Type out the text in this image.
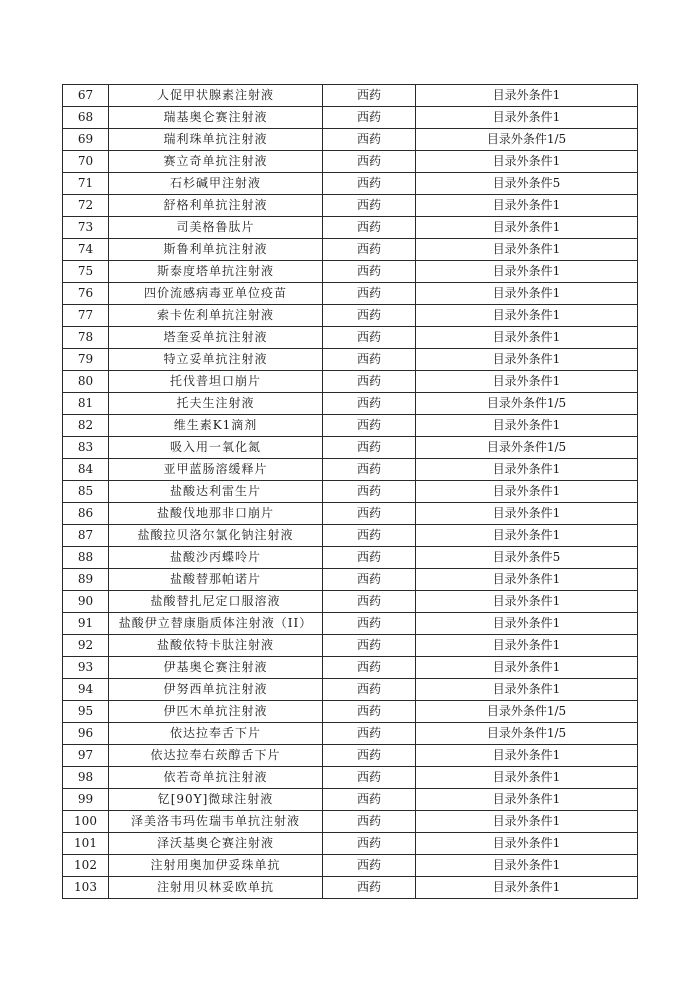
67	人促甲状腺素注射液	西药	目录外条件1
68	瑞基奥仑赛注射液	西药	目录外条件1
69	瑞利珠单抗注射液	西药	目录外条件1/5
70	赛立奇单抗注射液	西药	目录外条件1
71	石杉碱甲注射液	西药	目录外条件5
72	舒格利单抗注射液	西药	目录外条件1
73	司美格鲁肽片	西药	目录外条件1
74	斯鲁利单抗注射液	西药	目录外条件1
75	斯泰度塔单抗注射液	西药	目录外条件1
76	四价流感病毒亚单位疫苗	西药	目录外条件1
77	索卡佐利单抗注射液	西药	目录外条件1
78	塔奎妥单抗注射液	西药	目录外条件1
79	特立妥单抗注射液	西药	目录外条件1
80	托伐普坦口崩片	西药	目录外条件1
81	托夫生注射液	西药	目录外条件1/5
82	维生素K1滴剂	西药	目录外条件1
83	吸入用一氧化氮	西药	目录外条件1/5
84	亚甲蓝肠溶缓释片	西药	目录外条件1
85	盐酸达利雷生片	西药	目录外条件1
86	盐酸伐地那非口崩片	西药	目录外条件1
87	盐酸拉贝洛尔氯化钠注射液	西药	目录外条件1
88	盐酸沙丙蝶呤片	西药	目录外条件5
89	盐酸替那帕诺片	西药	目录外条件1
90	盐酸替扎尼定口服溶液	西药	目录外条件1
91	盐酸伊立替康脂质体注射液（II）	西药	目录外条件1
92	盐酸依特卡肽注射液	西药	目录外条件1
93	伊基奥仑赛注射液	西药	目录外条件1
94	伊努西单抗注射液	西药	目录外条件1
95	伊匹木单抗注射液	西药	目录外条件1/5
96	依达拉奉舌下片	西药	目录外条件1/5
97	依达拉奉右莰醇舌下片	西药	目录外条件1
98	依若奇单抗注射液	西药	目录外条件1
99	钇[90Y]微球注射液	西药	目录外条件1
100	泽美洛韦玛佐瑞韦单抗注射液	西药	目录外条件1
101	泽沃基奥仑赛注射液	西药	目录外条件1
102	注射用奥加伊妥珠单抗	西药	目录外条件1
103	注射用贝林妥欧单抗	西药	目录外条件1
